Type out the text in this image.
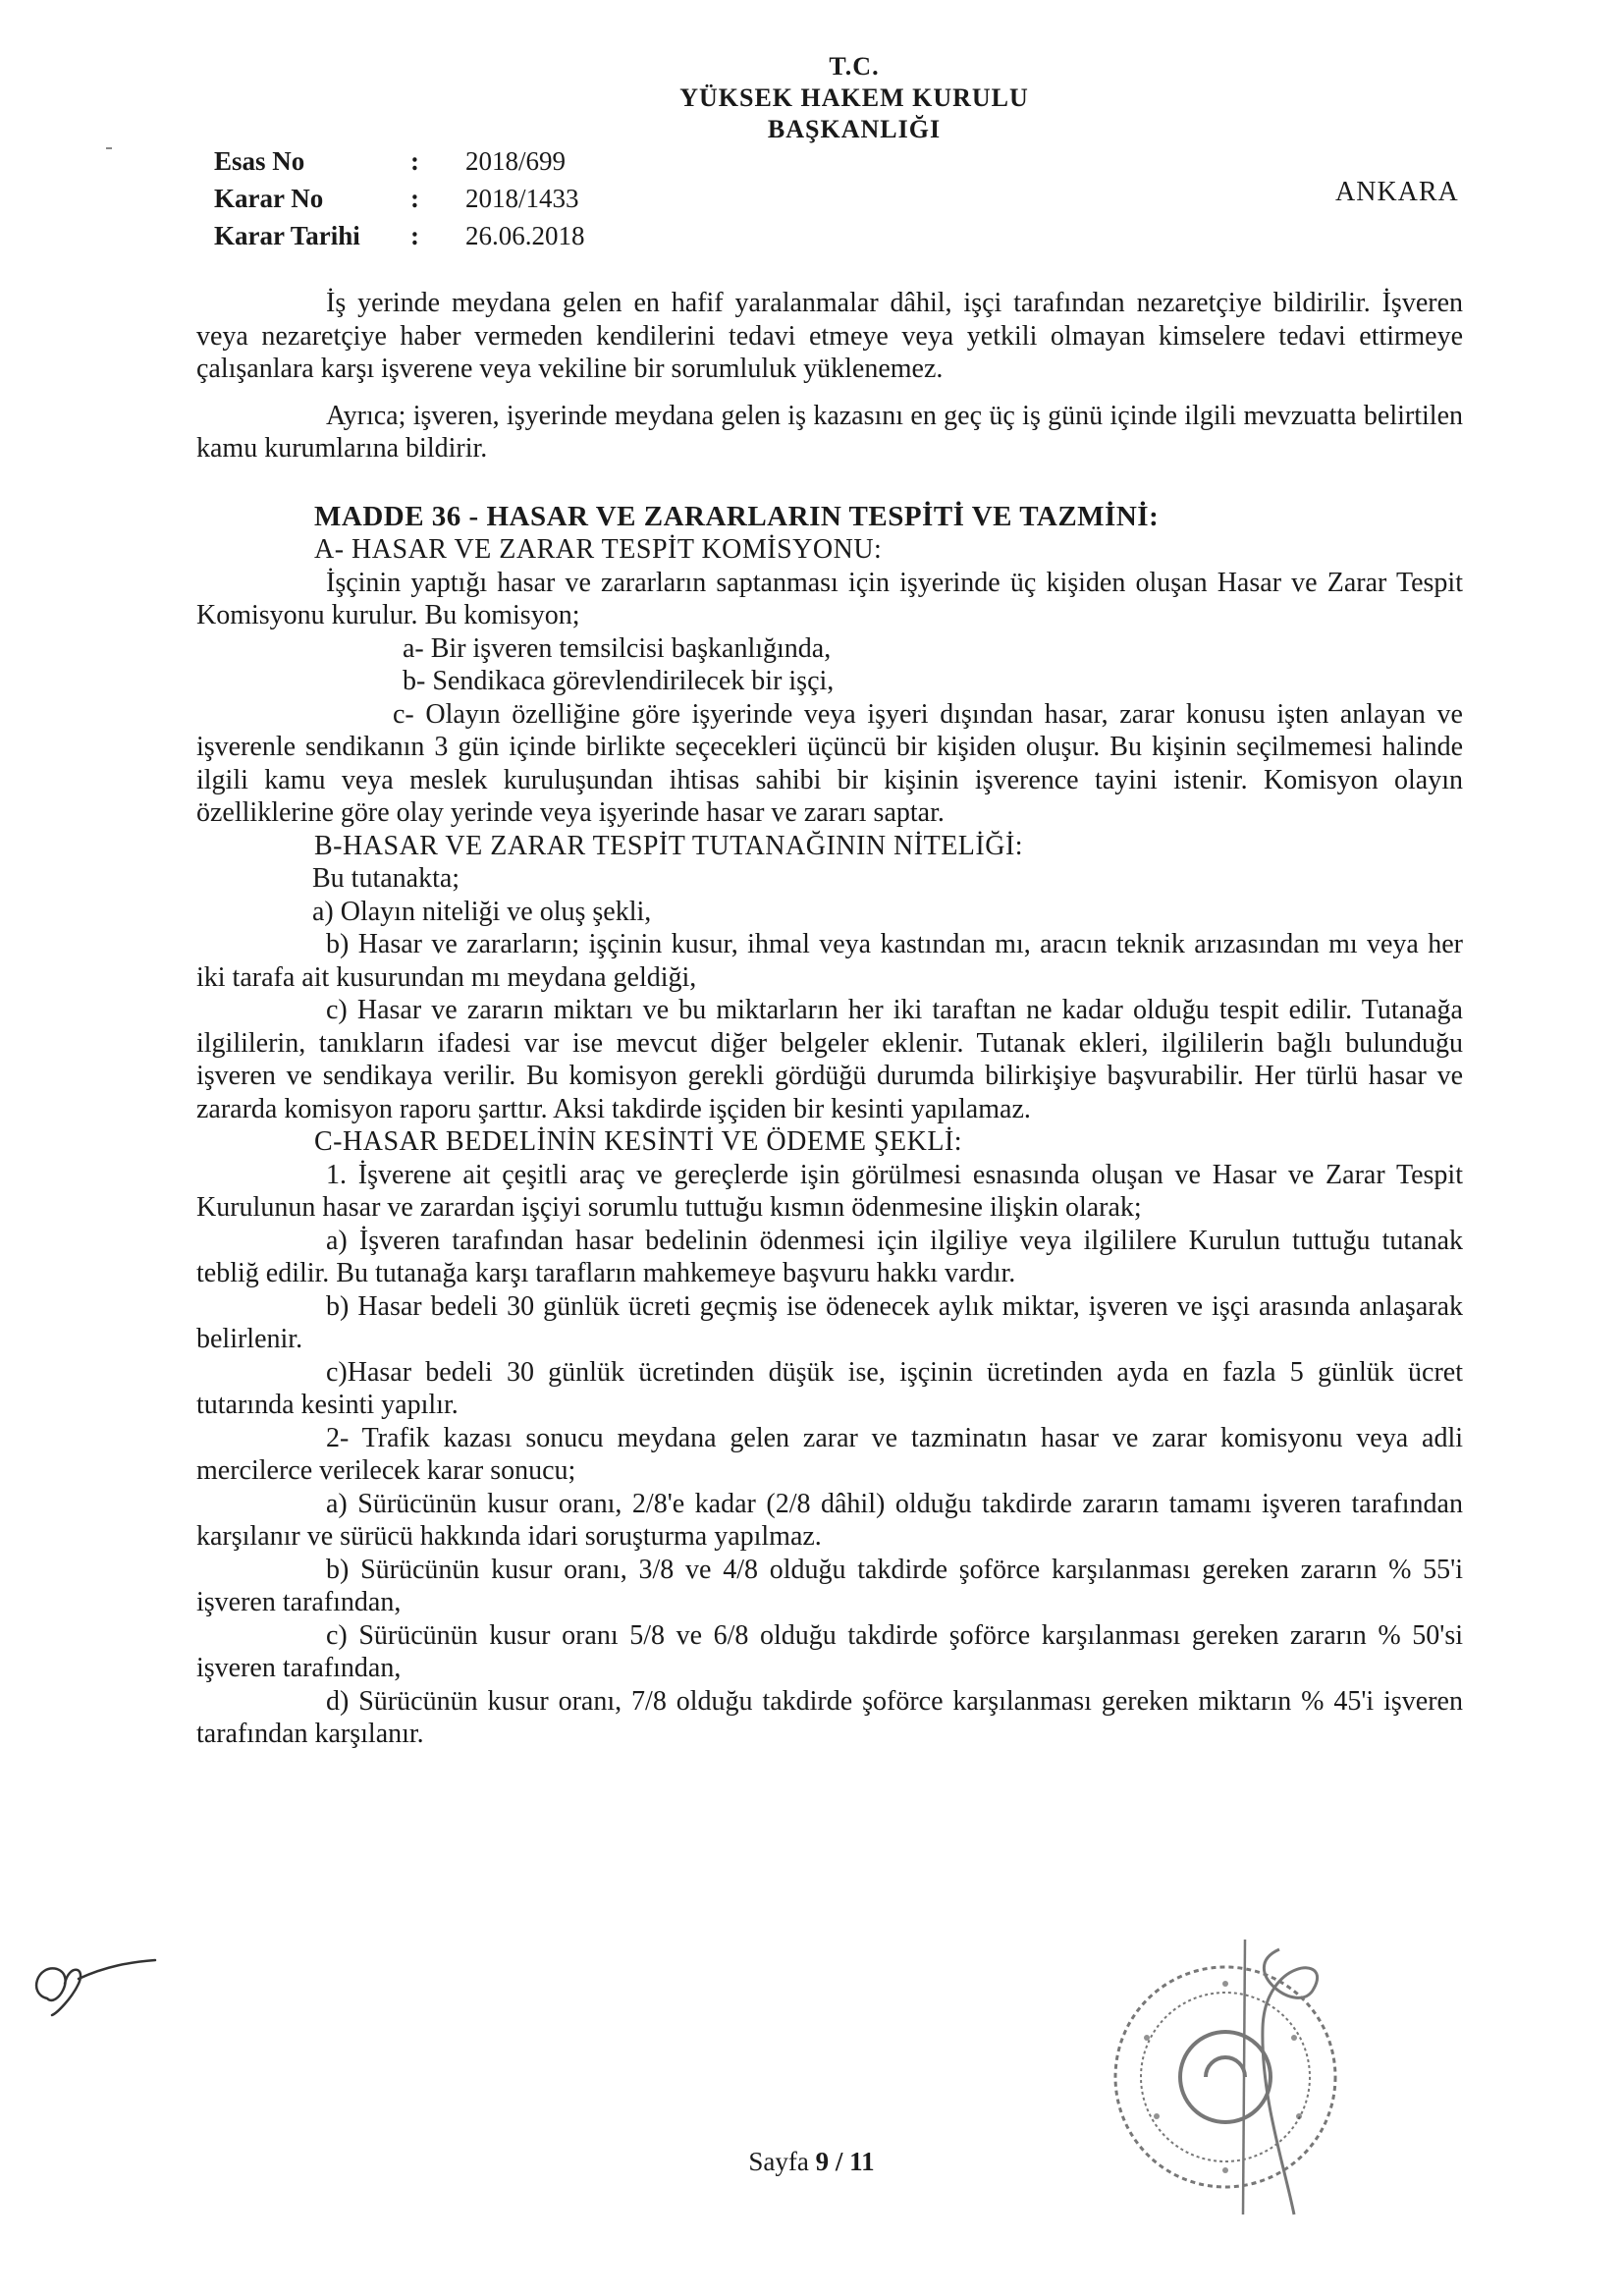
T.C.
YÜKSEK HAKEM KURULU
BAŞKANLIĞI
Esas No	:	2018/699
Karar No	:	2018/1433
Karar Tarihi	:	26.06.2018
ANKARA

İş yerinde meydana gelen en hafif yaralanmalar dâhil, işçi tarafından nezaretçiye bildirilir. İşveren veya nezaretçiye haber vermeden kendilerini tedavi etmeye veya yetkili olmayan kimselere tedavi ettirmeye çalışanlara karşı işverene veya vekiline bir sorumluluk yüklenemez.

Ayrıca; işveren, işyerinde meydana gelen iş kazasını en geç üç iş günü içinde ilgili mevzuatta belirtilen kamu kurumlarına bildirir.

MADDE 36 - HASAR VE ZARARLARIN TESPİTİ VE TAZMİNİ:

A- HASAR VE ZARAR TESPİT KOMİSYONU:

İşçinin yaptığı hasar ve zararların saptanması için işyerinde üç kişiden oluşan Hasar ve Zarar Tespit Komisyonu kurulur. Bu komisyon;

a- Bir işveren temsilcisi başkanlığında,

b- Sendikaca görevlendirilecek bir işçi,

c- Olayın özelliğine göre işyerinde veya işyeri dışından hasar, zarar konusu işten anlayan ve işverenle sendikanın 3 gün içinde birlikte seçecekleri üçüncü bir kişiden oluşur. Bu kişinin seçilmemesi halinde ilgili kamu veya meslek kuruluşundan ihtisas sahibi bir kişinin işverence tayini istenir. Komisyon olayın özelliklerine göre olay yerinde veya işyerinde hasar ve zararı saptar.

B-HASAR VE ZARAR TESPİT TUTANAĞININ NİTELİĞİ:

Bu tutanakta;

a) Olayın niteliği ve oluş şekli,

b) Hasar ve zararların; işçinin kusur, ihmal veya kastından mı, aracın teknik arızasından mı veya her iki tarafa ait kusurundan mı meydana geldiği,

c) Hasar ve zararın miktarı ve bu miktarların her iki taraftan ne kadar olduğu tespit edilir. Tutanağa ilgililerin, tanıkların ifadesi var ise mevcut diğer belgeler eklenir. Tutanak ekleri, ilgililerin bağlı bulunduğu işveren ve sendikaya verilir. Bu komisyon gerekli gördüğü durumda bilirkişiye başvurabilir. Her türlü hasar ve zararda komisyon raporu şarttır. Aksi takdirde işçiden bir kesinti yapılamaz.

C-HASAR BEDELİNİN KESİNTİ VE ÖDEME ŞEKLİ:

1. İşverene ait çeşitli araç ve gereçlerde işin görülmesi esnasında oluşan ve Hasar ve Zarar Tespit Kurulunun hasar ve zarardan işçiyi sorumlu tuttuğu kısmın ödenmesine ilişkin olarak;

a) İşveren tarafından hasar bedelinin ödenmesi için ilgiliye veya ilgililere Kurulun tuttuğu tutanak tebliğ edilir. Bu tutanağa karşı tarafların mahkemeye başvuru hakkı vardır.

b) Hasar bedeli 30 günlük ücreti geçmiş ise ödenecek aylık miktar, işveren ve işçi arasında anlaşarak belirlenir.

c)Hasar bedeli 30 günlük ücretinden düşük ise, işçinin ücretinden ayda en fazla 5 günlük ücret tutarında kesinti yapılır.

2- Trafik kazası sonucu meydana gelen zarar ve tazminatın hasar ve zarar komisyonu veya adli mercilerce verilecek karar sonucu;

a) Sürücünün kusur oranı, 2/8'e kadar (2/8 dâhil) olduğu takdirde zararın tamamı işveren tarafından karşılanır ve sürücü hakkında idari soruşturma yapılmaz.

b) Sürücünün kusur oranı, 3/8 ve 4/8 olduğu takdirde şoförce karşılanması gereken zararın % 55'i işveren tarafından,

c) Sürücünün kusur oranı 5/8 ve 6/8 olduğu takdirde şoförce karşılanması gereken zararın % 50'si işveren tarafından,

d) Sürücünün kusur oranı, 7/8 olduğu takdirde şoförce karşılanması gereken miktarın % 45'i işveren tarafından karşılanır.

Sayfa 9 / 11
